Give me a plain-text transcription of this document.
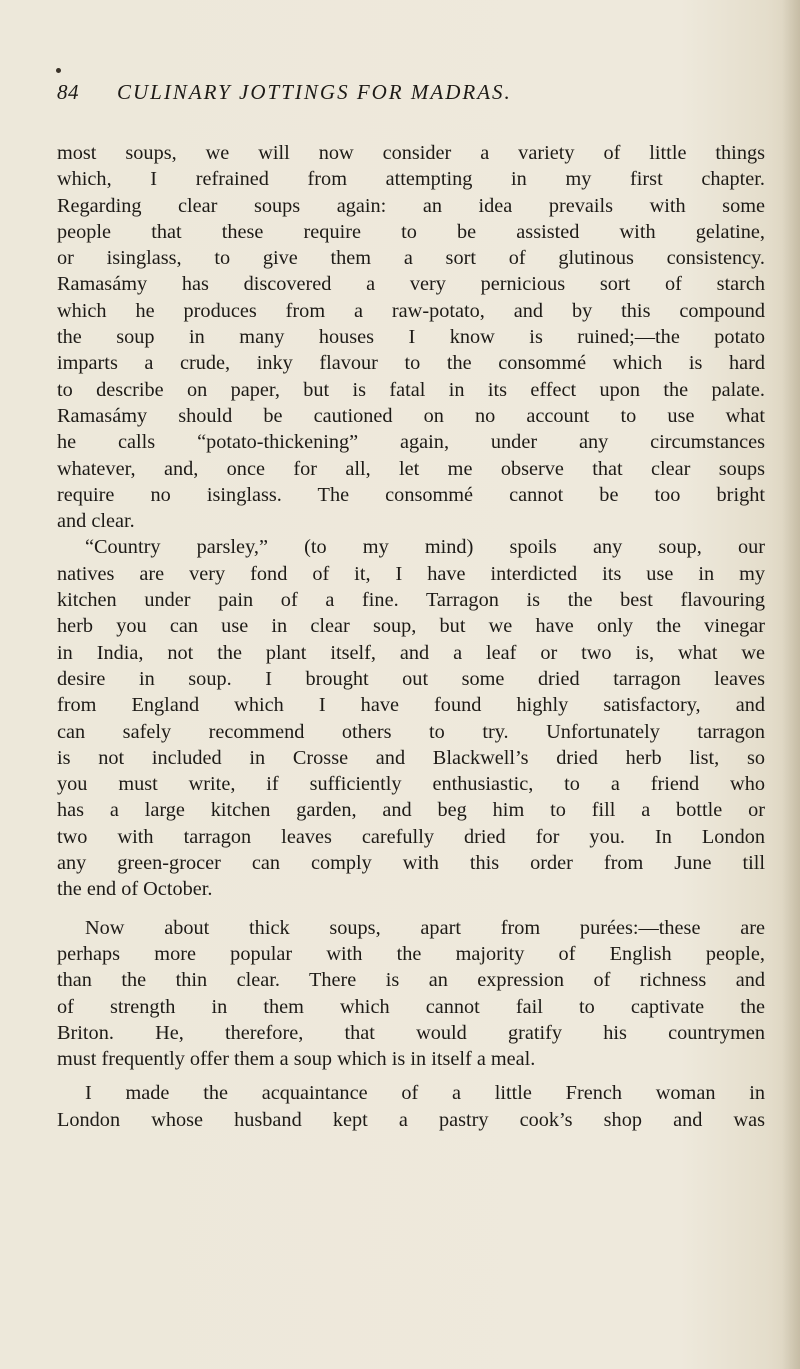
84 CULINARY JOTTINGS FOR MADRAS.

most soups, we will now consider a variety of little things

which, I refrained from attempting in my first chapter.

Regarding clear soups again: an idea prevails with some

people that these require to be assisted with gelatine,

or isinglass, to give them a sort of glutinous consistency.

Ramasámy has discovered a very pernicious sort of starch

which he produces from a raw-potato, and by this compound

the soup in many houses I know is ruined;—the potato

imparts a crude, inky flavour to the consommé which is hard

to describe on paper, but is fatal in its effect upon the palate.

Ramasámy should be cautioned on no account to use what

he calls “potato-thickening” again, under any circumstances

whatever, and, once for all, let me observe that clear soups

require no isinglass. The consommé cannot be too bright

and clear.

“Country parsley,” (to my mind) spoils any soup, our

natives are very fond of it, I have interdicted its use in my

kitchen under pain of a fine. Tarragon is the best flavouring

herb you can use in clear soup, but we have only the vinegar

in India, not the plant itself, and a leaf or two is, what we

desire in soup. I brought out some dried tarragon leaves

from England which I have found highly satisfactory, and

can safely recommend others to try. Unfortunately tarragon

is not included in Crosse and Blackwell’s dried herb list, so

you must write, if sufficiently enthusiastic, to a friend who

has a large kitchen garden, and beg him to fill a bottle or

two with tarragon leaves carefully dried for you. In London

any green-grocer can comply with this order from June till

the end of October.

Now about thick soups, apart from purées:—these are

perhaps more popular with the majority of English people,

than the thin clear. There is an expression of richness and

of strength in them which cannot fail to captivate the

Briton. He, therefore, that would gratify his countrymen

must frequently offer them a soup which is in itself a meal.

I made the acquaintance of a little French woman in

London whose husband kept a pastry cook’s shop and was
